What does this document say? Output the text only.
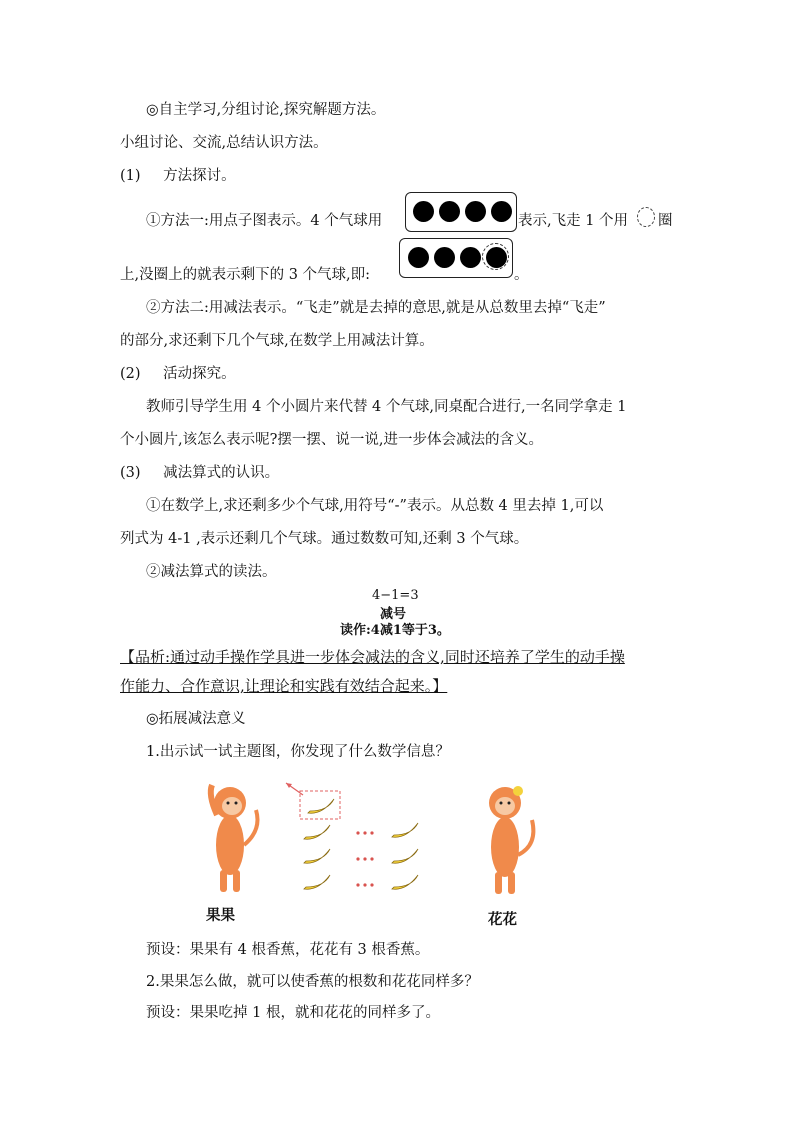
◎自主学习,分组讨论,探究解题方法。
小组讨论、交流,总结认识方法。
(1) 方法探讨。
①方法一:用点子图表示。4 个气球用	表示,飞走 1 个用 圈
上,没圈上的就表示剩下的 3 个气球,即:	。
②方法二:用减法表示。“飞走”就是去掉的意思,就是从总数里去掉“飞走”
的部分,求还剩下几个气球,在数学上用减法计算。
(2) 活动探究。
教师引导学生用 4 个小圆片来代替 4 个气球,同桌配合进行,一名同学拿走 1
个小圆片,该怎么表示呢?摆一摆、说一说,进一步体会减法的含义。
(3) 减法算式的认识。
①在数学上,求还剩多少个气球,用符号“-”表示。从总数 4 里去掉 1,可以
列式为 4-1 ,表示还剩几个气球。通过数数可知,还剩 3 个气球。
②减法算式的读法。
4−1=3
减号
读作:4减1等于3。
【品析:通过动手操作学具进一步体会减法的含义,同时还培养了学生的动手操
作能力、合作意识,让理论和实践有效结合起来。】
◎拓展减法意义
1.出示试一试主题图，你发现了什么数学信息？
果果	花花
预设：果果有 4 根香蕉，花花有 3 根香蕉。
2.果果怎么做，就可以使香蕉的根数和花花同样多？
预设：果果吃掉 1 根，就和花花的同样多了。
